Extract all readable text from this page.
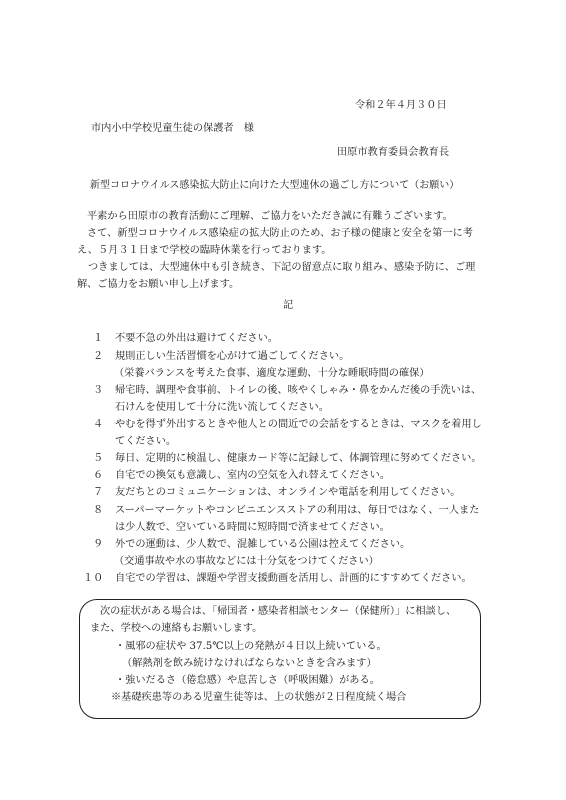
令和２年４月３０日
市内小中学校児童生徒の保護者　様
田原市教育委員会教育長
新型コロナウイルス感染拡大防止に向けた大型連休の過ごし方について（お願い）
平素から田原市の教育活動にご理解、ご協力をいただき誠に有難うございます。
さて、新型コロナウイルス感染症の拡大防止のため、お子様の健康と安全を第一に考
え、５月３１日まで学校の臨時休業を行っております。
つきましては、大型連休中も引き続き、下記の留意点に取り組み、感染予防に、ご理
解、ご協力をお願い申し上げます。
記
１ 不要不急の外出は避けてください。
２ 規則正しい生活習慣を心がけて過ごしてください。
（栄養バランスを考えた食事、適度な運動、十分な睡眠時間の確保）
３ 帰宅時、調理や食事前、トイレの後、咳やくしゃみ・鼻をかんだ後の手洗いは、
石けんを使用して十分に洗い流してください。
４ やむを得ず外出するときや他人との間近での会話をするときは、マスクを着用し
てください。
５ 毎日、定期的に検温し、健康カード等に記録して、体調管理に努めてください。
６ 自宅での換気も意識し、室内の空気を入れ替えてください。
７ 友だちとのコミュニケーションは、オンラインや電話を利用してください。
８ スーパーマーケットやコンビニエンスストアの利用は、毎日ではなく、一人また
は少人数で、空いている時間に短時間で済ませてください。
９ 外での運動は、少人数で、混雑している公園は控えてください。
（交通事故や水の事故などには十分気をつけてください）
１０ 自宅での学習は、課題や学習支援動画を活用し、計画的にすすめてください。
次の症状がある場合は、「帰国者・感染者相談センター（保健所）」に相談し、
また、学校への連絡もお願いします。
・風邪の症状や 37.5℃以上の発熱が４日以上続いている。
（解熱剤を飲み続けなければならないときを含みます）
・強いだるさ（倦怠感）や息苦しさ（呼吸困難）がある。
※基礎疾患等のある児童生徒等は、上の状態が２日程度続く場合
